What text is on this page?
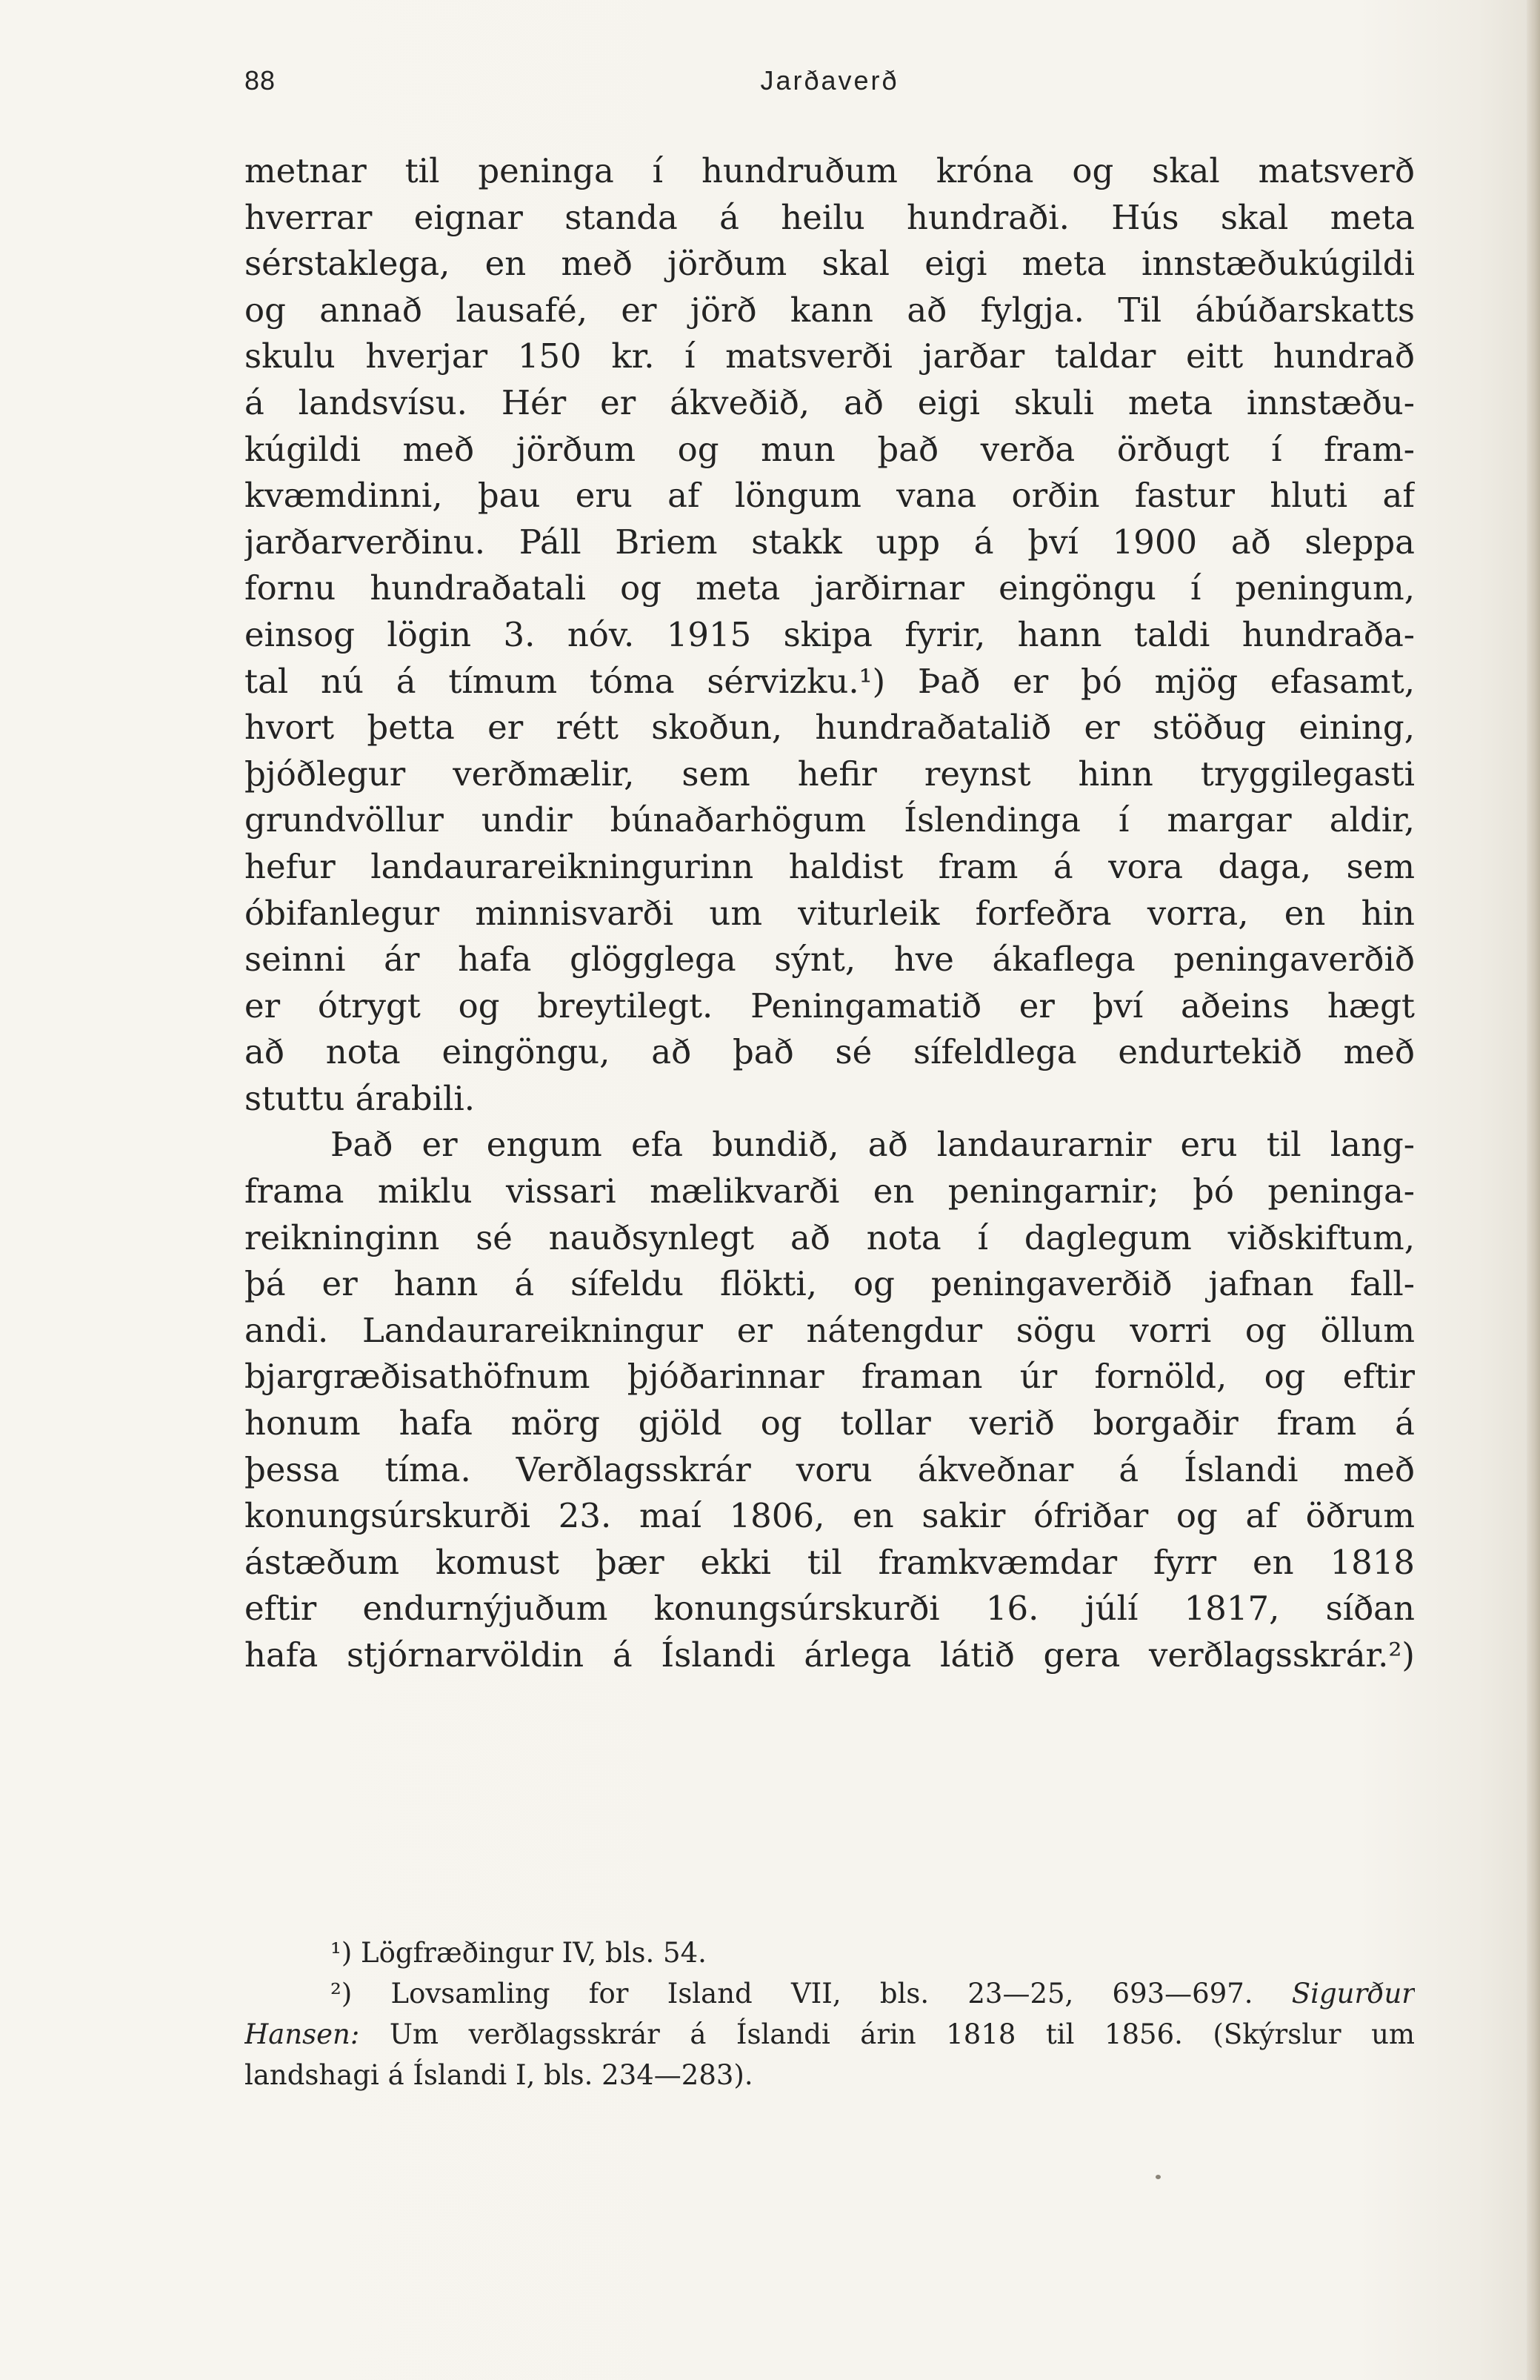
88	Jarðaverð
metnar til peninga í hundruðum króna og skal matsverð
hverrar eignar standa á heilu hundraði. Hús skal meta
sérstaklega, en með jörðum skal eigi meta innstæðukúgildi
og annað lausafé, er jörð kann að fylgja. Til ábúðarskatts
skulu hverjar 150 kr. í matsverði jarðar taldar eitt hundrað
á landsvísu. Hér er ákveðið, að eigi skuli meta innstæðu-
kúgildi með jörðum og mun það verða örðugt í fram-
kvæmdinni, þau eru af löngum vana orðin fastur hluti af
jarðarverðinu. Páll Briem stakk upp á því 1900 að sleppa
fornu hundraðatali og meta jarðirnar eingöngu í peningum,
einsog lögin 3. nóv. 1915 skipa fyrir, hann taldi hundraða-
tal nú á tímum tóma sérvizku.¹) Það er þó mjög efasamt,
hvort þetta er rétt skoðun, hundraðatalið er stöðug eining,
þjóðlegur verðmælir, sem hefir reynst hinn tryggilegasti
grundvöllur undir búnaðarhögum Íslendinga í margar aldir,
hefur landaurareikningurinn haldist fram á vora daga, sem
óbifanlegur minnisvarði um viturleik forfeðra vorra, en hin
seinni ár hafa glögglega sýnt, hve ákaflega peningaverðið
er ótrygt og breytilegt. Peningamatið er því aðeins hægt
að nota eingöngu, að það sé sífeldlega endurtekið með
stuttu árabili.
Það er engum efa bundið, að landaurarnir eru til lang-
frama miklu vissari mælikvarði en peningarnir; þó peninga-
reikninginn sé nauðsynlegt að nota í daglegum viðskiftum,
þá er hann á sífeldu flökti, og peningaverðið jafnan fall-
andi. Landaurareikningur er nátengdur sögu vorri og öllum
bjargræðisathöfnum þjóðarinnar framan úr fornöld, og eftir
honum hafa mörg gjöld og tollar verið borgaðir fram á
þessa tíma. Verðlagsskrár voru ákveðnar á Íslandi með
konungsúrskurði 23. maí 1806, en sakir ófriðar og af öðrum
ástæðum komust þær ekki til framkvæmdar fyrr en 1818
eftir endurnýjuðum konungsúrskurði 16. júlí 1817, síðan
hafa stjórnarvöldin á Íslandi árlega látið gera verðlagsskrár.²)
¹) Lögfræðingur IV, bls. 54.
²) Lovsamling for Island VII, bls. 23—25, 693—697. Sigurður
Hansen: Um verðlagsskrár á Íslandi árin 1818 til 1856. (Skýrslur um
landshagi á Íslandi I, bls. 234—283).
